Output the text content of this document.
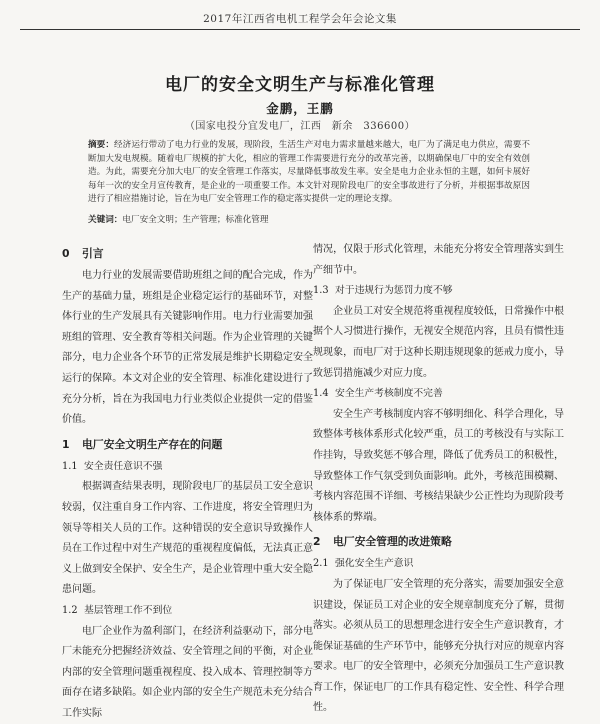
2017年江西省电机工程学会年会论文集
电厂的安全文明生产与标准化管理
金鹏，王鹏
（国家电投分宜发电厂，江西　新余　336600）
摘要：经济运行带动了电力行业的发展，现阶段，生活生产对电力需求量越来越大，电厂为了满足电力供应，需要不断加大发电规模。随着电厂规模的扩大化，相应的管理工作需要进行充分的改革完善，以期确保电厂中的安全有效创造。为此，需要充分加大电厂的安全管理工作落实，尽量降低事故发生率。安全是电力企业永恒的主题，如何卡展好每年一次的安全月宣传教育，是企业的一项重要工作。本文针对现阶段电厂的安全事故进行了分析，并根据事故原因进行了相应措施讨论，旨在为电厂安全管理工作的稳定落实提供一定的理论支撑。
关键词：电厂安全文明；生产管理；标准化管理
0 引言

电力行业的发展需要借助班组之间的配合完成，作为生产的基础力量，班组是企业稳定运行的基础环节，对整体行业的生产发展具有关键影响作用。电力行业需要加强班组的管理、安全教育等相关问题。作为企业管理的关键部分，电力企业各个环节的正常发展是维护长期稳定安全运行的保障。本文对企业的安全管理、标准化建设进行了充分分析，旨在为我国电力行业类似企业提供一定的借鉴价值。

1 电厂安全文明生产存在的问题
1.1 安全责任意识不强

根据调查结果表明，现阶段电厂的基层员工安全意识较弱，仅注重自身工作内容、工作进度，将安全管理归为领导等相关人员的工作。这种错误的安全意识导致操作人员在工作过程中对生产规范的重视程度偏低，无法真正意义上做到安全保护、安全生产，是企业管理中重大安全隐患问题。

1.2 基层管理工作不到位

电厂企业作为盈利部门，在经济利益驱动下，部分电厂未能充分把握经济效益、安全管理之间的平衡，对企业内部的安全管理问题重视程度、投入成本、管理控制等方面存在诸多缺陷。如企业内部的安全生产规范未充分结合工作实际

情况，仅限于形式化管理，未能充分将安全管理落实到生产细节中。

1.3 对于违规行为惩罚力度不够

企业员工对安全规范将重视程度较低，日常操作中根据个人习惯进行操作，无视安全规范内容，且员有惯性违规现象，而电厂对于这种长期违规现象的惩戒力度小，导致惩罚措施减少对应力度。

1.4 安全生产考核制度不完善

安全生产考核制度内容不够明细化、科学合理化，导致整体考核体系形式化较严重，员工的考核没有与实际工作挂钩，导致奖惩不够合理，降低了优秀员工的积极性，导致整体工作气氛受到负面影响。此外，考核范围模糊、考核内容范围不详细、考核结果缺少公正性均为现阶段考核体系的弊端。

2 电厂安全管理的改进策略
2.1 强化安全生产意识

为了保证电厂安全管理的充分落实，需要加强安全意识建设，保证员工对企业的安全规章制度充分了解，贯彻落实。必须从员工的思想理念进行安全生产意识教育，才能保证基础的生产环节中，能够充分执行对应的规章内容要求。电厂的安全管理中，必须充分加强员工生产意识教育工作，保证电厂的工作具有稳定性、安全性、科学合理性。
